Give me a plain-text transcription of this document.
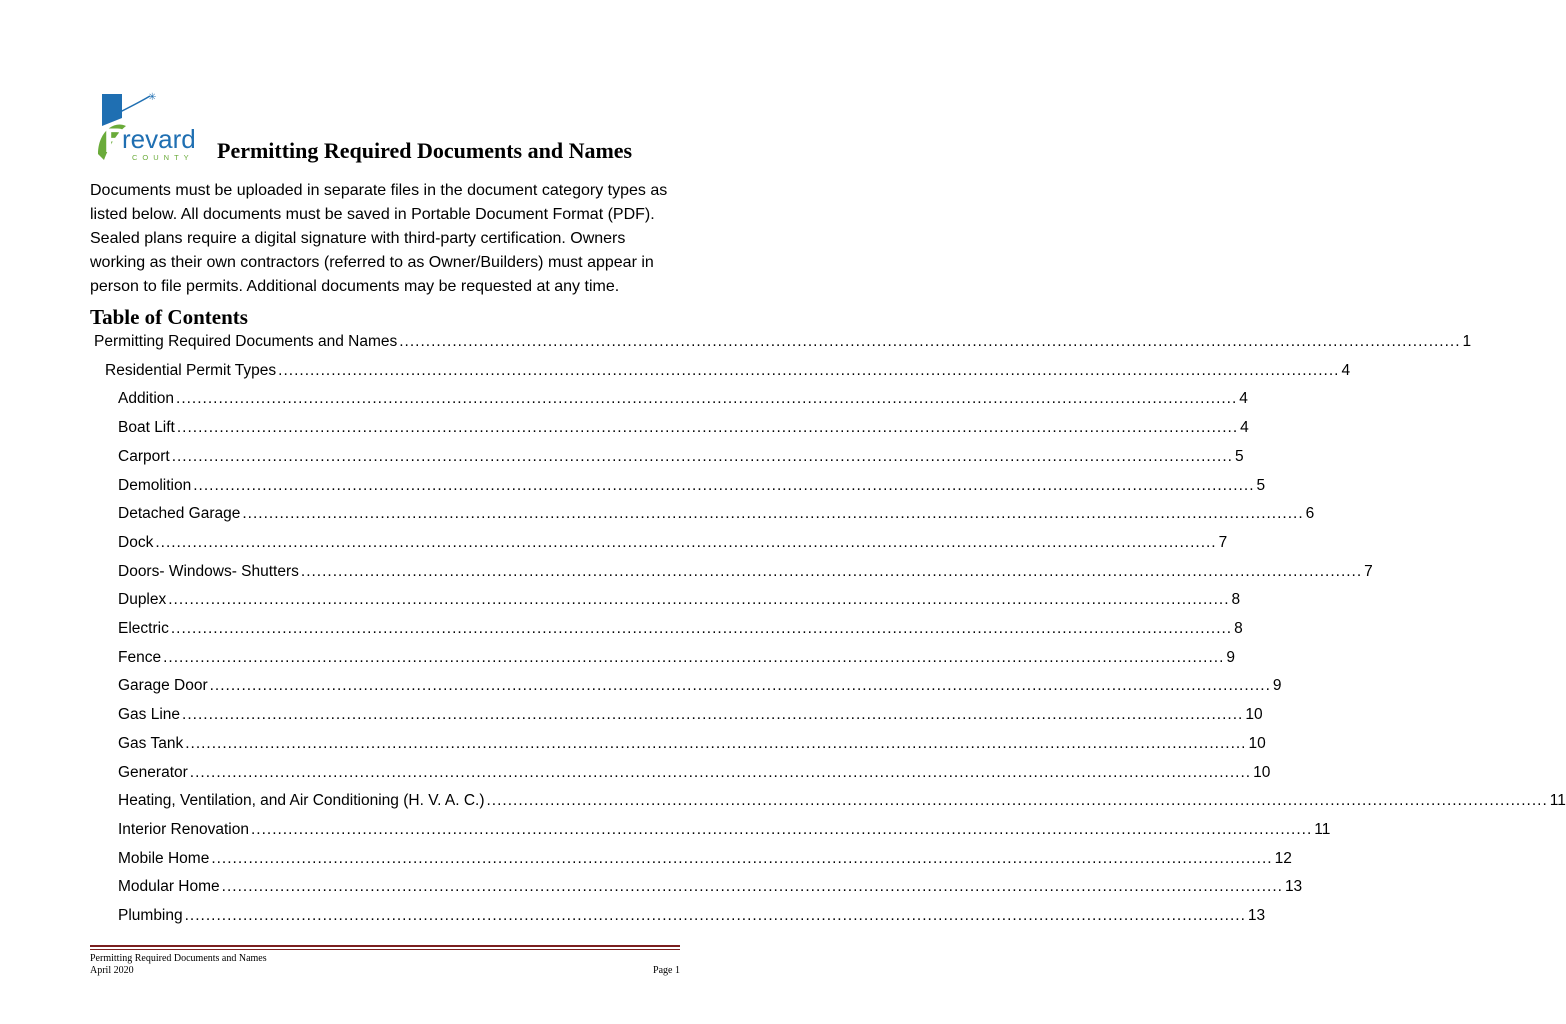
✳
B
revard
COUNTY Permitting Required Documents and Names

Documents must be uploaded in separate files in the document category types as

listed below. All documents must be saved in Portable Document Format (PDF).

Sealed plans require a digital signature with third-party certification. Owners

working as their own contractors (referred to as Owner/Builders) must appear in

person to file permits. Additional documents may be requested at any time.

Table of Contents
Permitting Required Documents and Names ........................................................................................................................................................................................................ 1
Residential Permit Types ........................................................................................................................................................................................................ 4
Addition ........................................................................................................................................................................................................ 4
Boat Lift ........................................................................................................................................................................................................ 4
Carport ........................................................................................................................................................................................................ 5
Demolition ........................................................................................................................................................................................................ 5
Detached Garage ........................................................................................................................................................................................................ 6
Dock ........................................................................................................................................................................................................ 7
Doors- Windows- Shutters ........................................................................................................................................................................................................ 7
Duplex ........................................................................................................................................................................................................ 8
Electric ........................................................................................................................................................................................................ 8
Fence ........................................................................................................................................................................................................ 9
Garage Door ........................................................................................................................................................................................................ 9
Gas Line ........................................................................................................................................................................................................ 10
Gas Tank ........................................................................................................................................................................................................ 10
Generator ........................................................................................................................................................................................................ 10
Heating, Ventilation, and Air Conditioning (H. V. A. C.) ........................................................................................................................................................................................................ 11
Interior Renovation ........................................................................................................................................................................................................ 11
Mobile Home ........................................................................................................................................................................................................ 12
Modular Home ........................................................................................................................................................................................................ 13
Plumbing ........................................................................................................................................................................................................ 13
Permitting Required Documents and Names
April 2020	Page 1
